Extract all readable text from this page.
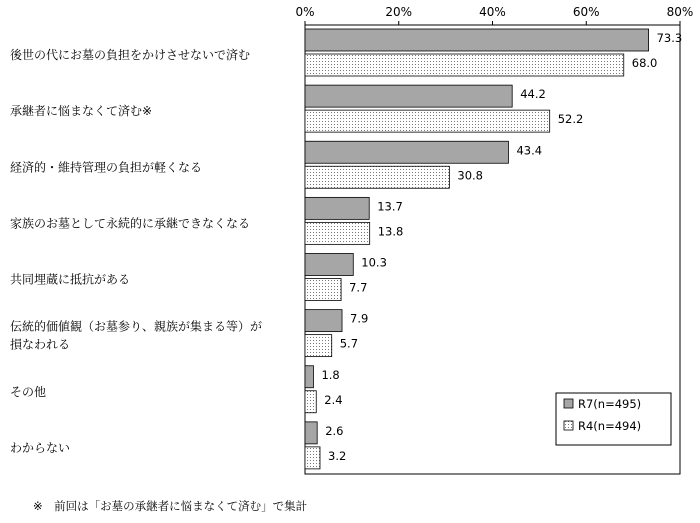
0%	20%	40%	60%	80%
73.3
44.2
43.4
13.7
10.3
7.9
1.8
2.6
68.0
52.2
30.8
13.8
7.7
5.7
2.4
3.2
後世の代にお墓の負担をかけさせないで済む
承継者に悩まなくて済む※
経済的・維持管理の負担が軽くなる
家族のお墓として永続的に承継できなくなる
共同埋蔵に抵抗がある
伝統的価値観（お墓参り、親族が集まる等）が
損なわれる
その他
わからない
R7(n=495)
R4(n=494)
※　前回は「お墓の承継者に悩まなくて済む」で集計
